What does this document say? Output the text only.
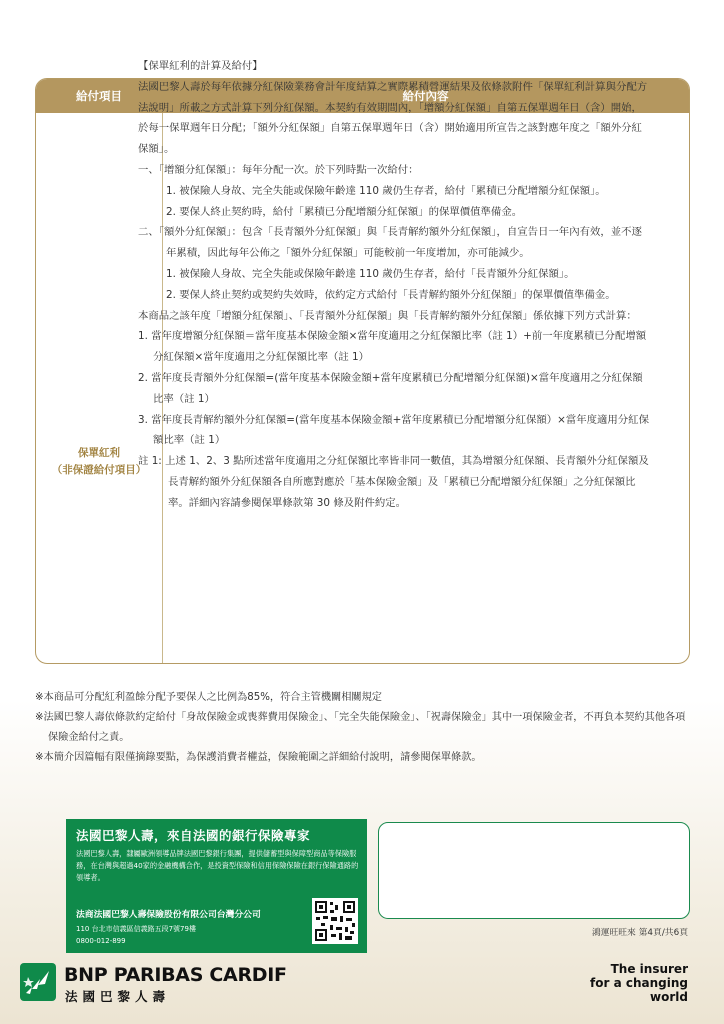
給付項目	給付內容
保單紅利
（非保證給付項目）

【保單紅利的計算及給付】

法國巴黎人壽於每年依據分紅保險業務會計年度結算之實際累積營運結果及依條款附件「保單紅利計算與分配方法說明」所載之方式計算下列分紅保額。本契約有效期間內，「增額分紅保額」自第五保單週年日（含）開始，於每一保單週年日分配；「額外分紅保額」自第五保單週年日（含）開始適用所宣告之該對應年度之「額外分紅保額」。

一、「增額分紅保額」：每年分配一次。於下列時點一次給付：

1. 被保險人身故、完全失能或保險年齡達 110 歲仍生存者，給付「累積已分配增額分紅保額」。

2. 要保人終止契約時，給付「累積已分配增額分紅保額」的保單價值準備金。

二、「額外分紅保額」：包含「長青額外分紅保額」與「長青解約額外分紅保額」，自宣告日一年內有效，並不逐年累積，因此每年公佈之「額外分紅保額」可能較前一年度增加，亦可能減少。

1. 被保險人身故、完全失能或保險年齡達 110 歲仍生存者，給付「長青額外分紅保額」。

2. 要保人終止契約或契約失效時，依約定方式給付「長青解約額外分紅保額」的保單價值準備金。

本商品之該年度「增額分紅保額」、「長青額外分紅保額」與「長青解約額外分紅保額」係依據下列方式計算：

1. 當年度增額分紅保額＝當年度基本保險金額×當年度適用之分紅保額比率（註 1）+前一年度累積已分配增額分紅保額×當年度適用之分紅保額比率（註 1）

2. 當年度長青額外分紅保額=(當年度基本保險金額+當年度累積已分配增額分紅保額)×當年度適用之分紅保額比率（註 1）

3. 當年度長青解約額外分紅保額=(當年度基本保險金額+當年度累積已分配增額分紅保額）×當年度適用分紅保額比率（註 1）

註 1: 上述 1、2、3 點所述當年度適用之分紅保額比率皆非同一數值，其為增額分紅保額、長青額外分紅保額及長青解約額外分紅保額各自所應對應於「基本保險金額」及「累積已分配增額分紅保額」之分紅保額比率。詳細內容請參閱保單條款第 30 條及附件約定。

※本商品可分配紅利盈餘分配予要保人之比例為85%，符合主管機關相關規定

※法國巴黎人壽依條款約定給付「身故保險金或喪葬費用保險金」、「完全失能保險金」、「祝壽保險金」其中一項保險金者，不再負本契約其他各項保險金給付之責。

※本簡介因篇幅有限僅摘錄要點，為保護消費者權益，保險範圍之詳細給付說明，請參閱保單條款。

法國巴黎人壽，來自法國的銀行保險專家

法國巴黎人壽，隸屬歐洲領導品牌法國巴黎銀行集團，提供儲蓄型與保障型商品等保險服務，在台灣與超過40家的金融機構合作，是投資型保險和信用保險保險在銀行保險通路的領導者。

法商法國巴黎人壽保險股份有限公司台灣分公司
110 台北市信義區信義路五段7號79樓
0800-012-899
鴻運旺旺來 第4頁/共6頁
BNP PARIBAS CARDIF
法國巴黎人壽
The insurer
for a changing
world
